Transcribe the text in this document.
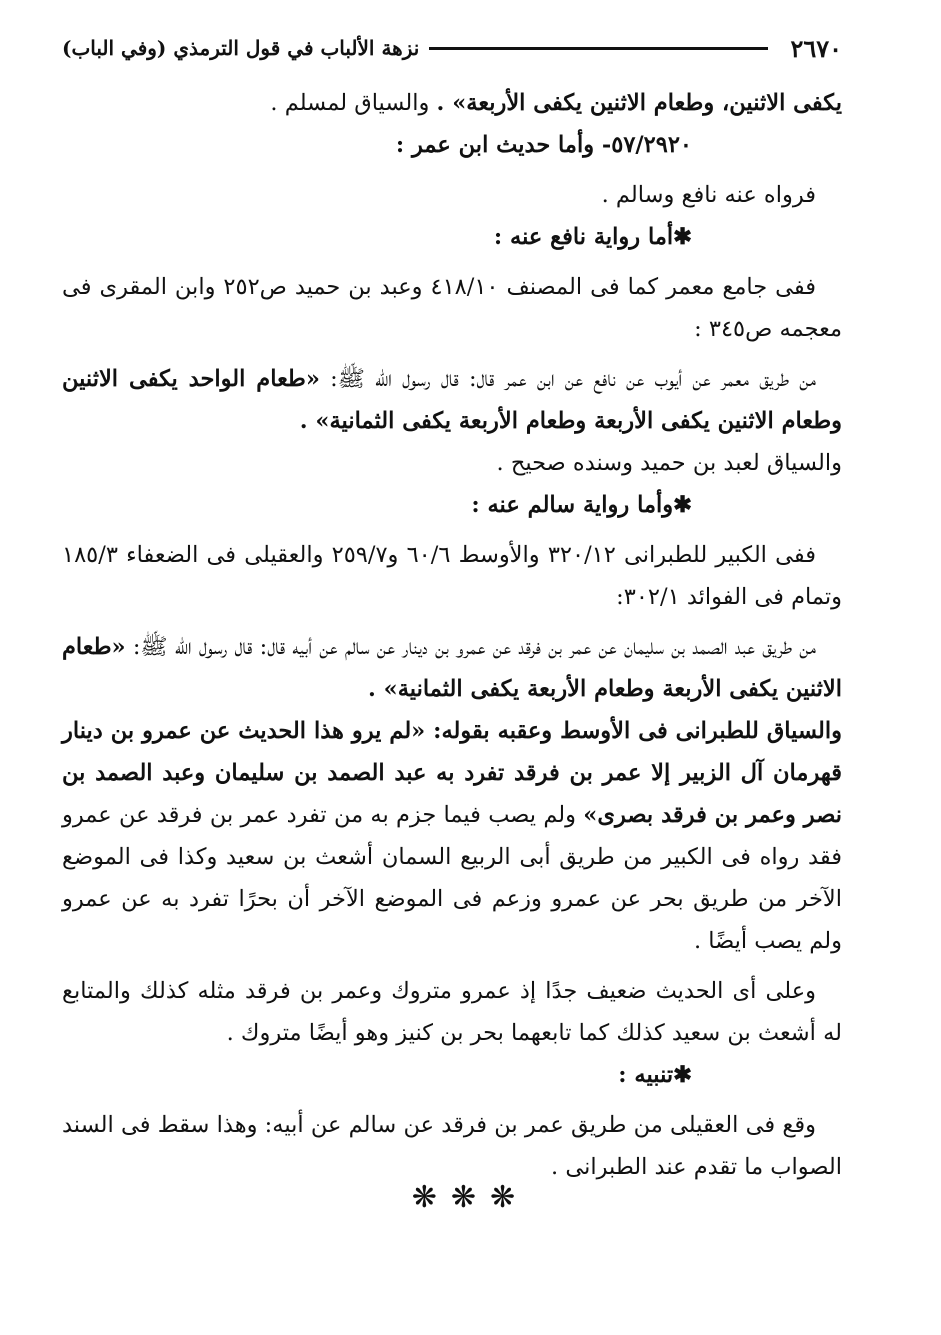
٢٦٧٠
نزهة الألباب في قول الترمذي (وفي الباب)

يكفى الاثنين، وطعام الاثنين يكفى الأربعة» . والسياق لمسلم .

٥٧/٢٩٢٠- وأما حديث ابن عمر :

فرواه عنه نافع وسالم .

✱ أما رواية نافع عنه :

ففى جامع معمر كما فى المصنف ٤١٨/١٠ وعبد بن حميد ص٢٥٢ وابن المقرى فى معجمه ص٣٤٥ :

من طريق معمر عن أيوب عن نافع عن ابن عمر قال: قال رسول الله ﷺ: «طعام الواحد يكفى الاثنين وطعام الاثنين يكفى الأربعة وطعام الأربعة يكفى الثمانية» .

والسياق لعبد بن حميد وسنده صحيح .

✱ وأما رواية سالم عنه :

ففى الكبير للطبرانى ٣٢٠/١٢ والأوسط ٦٠/٦ و٢٥٩/٧ والعقيلى فى الضعفاء ١٨٥/٣ وتمام فى الفوائد ٣٠٢/١:

من طريق عبد الصمد بن سليمان عن عمر بن فرقد عن عمرو بن دينار عن سالم عن أبيه قال: قال رسول الله ﷺ: «طعام الاثنين يكفى الأربعة وطعام الأربعة يكفى الثمانية» .

والسياق للطبرانى فى الأوسط وعقبه بقوله: «لم يرو هذا الحديث عن عمرو بن دينار قهرمان آل الزبير إلا عمر بن فرقد تفرد به عبد الصمد بن سليمان وعبد الصمد بن نصر وعمر بن فرقد بصرى» ولم يصب فيما جزم به من تفرد عمر بن فرقد عن عمرو فقد رواه فى الكبير من طريق أبى الربيع السمان أشعث بن سعيد وكذا فى الموضع الآخر من طريق بحر عن عمرو وزعم فى الموضع الآخر أن بحرًا تفرد به عن عمرو ولم يصب أيضًا .

وعلى أى الحديث ضعيف جدًا إذ عمرو متروك وعمر بن فرقد مثله كذلك والمتابع له أشعث بن سعيد كذلك كما تابعهما بحر بن كنيز وهو أيضًا متروك .

✱ تنبيه :

وقع فى العقيلى من طريق عمر بن فرقد عن سالم عن أبيه: وهذا سقط فى السند الصواب ما تقدم عند الطبرانى .

❋❋❋
